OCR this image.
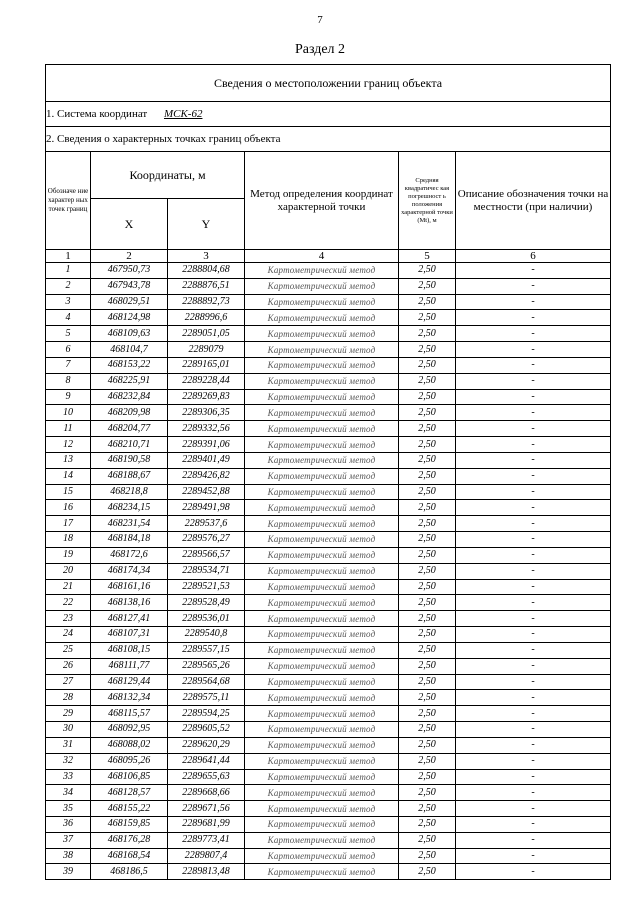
7
Раздел 2
Сведения о местоположении границ объекта					
1. Система координат МСК-62					
2. Сведения о характерных точках границ объекта					
Обозначе ние характер ных точек границ	Координаты, м		Метод определения координат характерной точки	Средняя квадратичес кая погрешност ь положения характерной точки (Mt), м	Описание обозначения точки на местности (при наличии)
	X	Y			
1	2	3	4	5	6
1	467950,73	2288804,68	Картометрический метод	2,50	-
2	467943,78	2288876,51	Картометрический метод	2,50	-
3	468029,51	2288892,73	Картометрический метод	2,50	-
4	468124,98	2288996,6	Картометрический метод	2,50	-
5	468109,63	2289051,05	Картометрический метод	2,50	-
6	468104,7	2289079	Картометрический метод	2,50	-
7	468153,22	2289165,01	Картометрический метод	2,50	-
8	468225,91	2289228,44	Картометрический метод	2,50	-
9	468232,84	2289269,83	Картометрический метод	2,50	-
10	468209,98	2289306,35	Картометрический метод	2,50	-
11	468204,77	2289332,56	Картометрический метод	2,50	-
12	468210,71	2289391,06	Картометрический метод	2,50	-
13	468190,58	2289401,49	Картометрический метод	2,50	-
14	468188,67	2289426,82	Картометрический метод	2,50	-
15	468218,8	2289452,88	Картометрический метод	2,50	-
16	468234,15	2289491,98	Картометрический метод	2,50	-
17	468231,54	2289537,6	Картометрический метод	2,50	-
18	468184,18	2289576,27	Картометрический метод	2,50	-
19	468172,6	2289566,57	Картометрический метод	2,50	-
20	468174,34	2289534,71	Картометрический метод	2,50	-
21	468161,16	2289521,53	Картометрический метод	2,50	-
22	468138,16	2289528,49	Картометрический метод	2,50	-
23	468127,41	2289536,01	Картометрический метод	2,50	-
24	468107,31	2289540,8	Картометрический метод	2,50	-
25	468108,15	2289557,15	Картометрический метод	2,50	-
26	468111,77	2289565,26	Картометрический метод	2,50	-
27	468129,44	2289564,68	Картометрический метод	2,50	-
28	468132,34	2289575,11	Картометрический метод	2,50	-
29	468115,57	2289594,25	Картометрический метод	2,50	-
30	468092,95	2289605,52	Картометрический метод	2,50	-
31	468088,02	2289620,29	Картометрический метод	2,50	-
32	468095,26	2289641,44	Картометрический метод	2,50	-
33	468106,85	2289655,63	Картометрический метод	2,50	-
34	468128,57	2289668,66	Картометрический метод	2,50	-
35	468155,22	2289671,56	Картометрический метод	2,50	-
36	468159,85	2289681,99	Картометрический метод	2,50	-
37	468176,28	2289773,41	Картометрический метод	2,50	-
38	468168,54	2289807,4	Картометрический метод	2,50	-
39	468186,5	2289813,48	Картометрический метод	2,50	-
